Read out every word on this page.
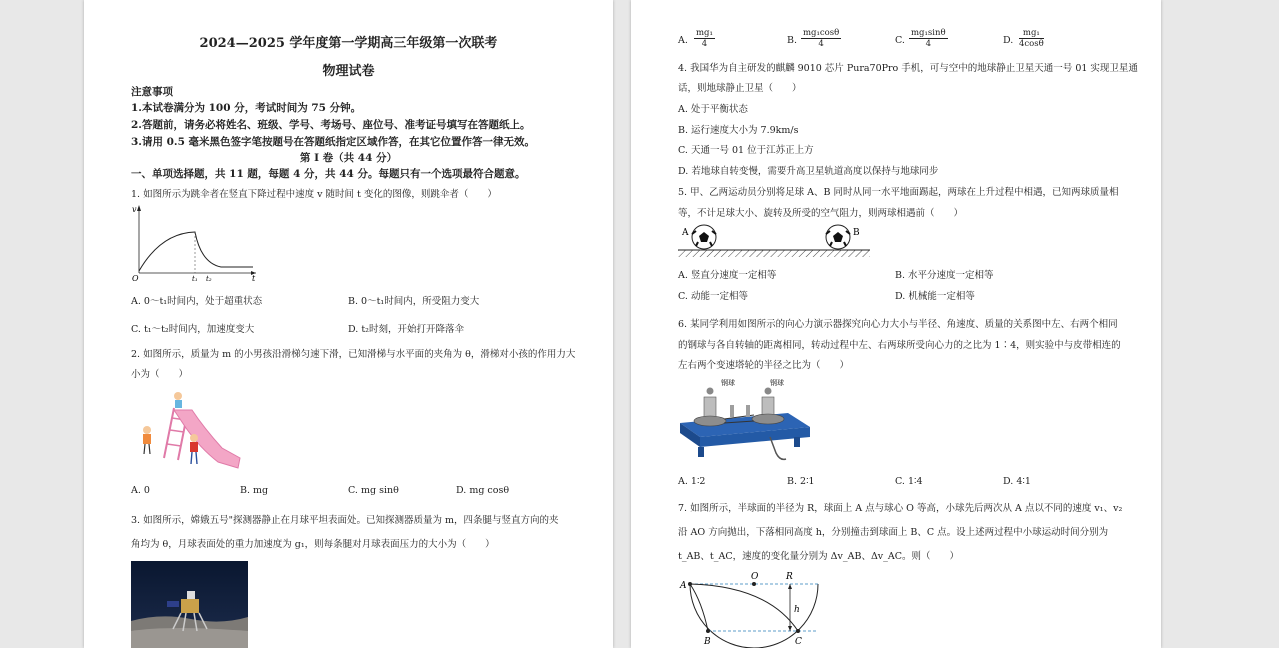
2024—2025 学年度第一学期高三年级第一次联考
物理试卷
注意事项
1.本试卷满分为 100 分，考试时间为 75 分钟。
2.答题前，请务必将姓名、班级、学号、考场号、座位号、准考证号填写在答题纸上。
3.请用 0.5 毫米黑色签字笔按题号在答题纸指定区域作答，在其它位置作答一律无效。
第 I 卷（共 44 分）
一、单项选择题，共 11 题，每题 4 分，共 44 分。每题只有一个选项最符合题意。
1. 如图所示为跳伞者在竖直下降过程中速度 v 随时间 t 变化的图像，则跳伞者（　　）
v
t
O	t₁ t₂
A. 0～t₁时间内，处于超重状态	B. 0～t₁时间内，所受阻力变大
C. t₁～t₂时间内，加速度变大	D. t₂时刻，开始打开降落伞
2. 如图所示，质量为 m 的小男孩沿滑梯匀速下滑，已知滑梯与水平面的夹角为 θ，滑梯对小孩的作用力大
小为（　　）
A. 0	B. mg	C. mg sinθ	D. mg cosθ
3. 如图所示，嫦娥五号"探测器静止在月球平坦表面处。已知探测器质量为 m，四条腿与竖直方向的夹
角均为 θ，月球表面处的重力加速度为 g₁，则每条腿对月球表面压力的大小为（　　）
A. $\frac{\text{mg₁}}{4}$	B. $\frac{\text{mg₁cosθ}}{4}$	C. $\frac{\text{mg₁sinθ}}{4}$	D. $\frac{\text{mg₁}}{4\cos\theta}$
4. 我国华为自主研发的麒麟 9010 芯片 Pura70Pro 手机，可与空中的地球静止卫星天通一号 01 实现卫星通
话，则地球静止卫星（　　）
A. 处于平衡状态
B. 运行速度大小为 7.9km/s
C. 天通一号 01 位于江苏正上方
D. 若地球自转变慢，需要升高卫星轨道高度以保持与地球同步
5. 甲、乙两运动员分别将足球 A、B 同时从同一水平地面踢起，两球在上升过程中相遇，已知两球质量相
等，不计足球大小、旋转及所受的空气阻力，则两球相遇前（　　）
A	B
A. 竖直分速度一定相等	B. 水平分速度一定相等
C. 动能一定相等	D. 机械能一定相等
6. 某同学利用如图所示的向心力演示器探究向心力大小与半径、角速度、质量的关系图中左、右两个相同
的钢球与各自转轴的距离相同，转动过程中左、右两球所受向心力的之比为 1∶4，则实验中与皮带相连的
左右两个变速塔轮的半径之比为（　　）
钢球	钢球
A. 1∶2	B. 2∶1	C. 1∶4	D. 4∶1
7. 如图所示，半球面的半径为 R，球面上 A 点与球心 O 等高，小球先后两次从 A 点以不同的速度 v₁、v₂
沿 AO 方向抛出，下落相同高度 h，分别撞击到球面上 B、C 点。设上述两过程中小球运动时间分别为
t_AB、t_AC，速度的变化量分别为 Δv_AB、Δv_AC。则（　　）
A
O	R
h
B	C
